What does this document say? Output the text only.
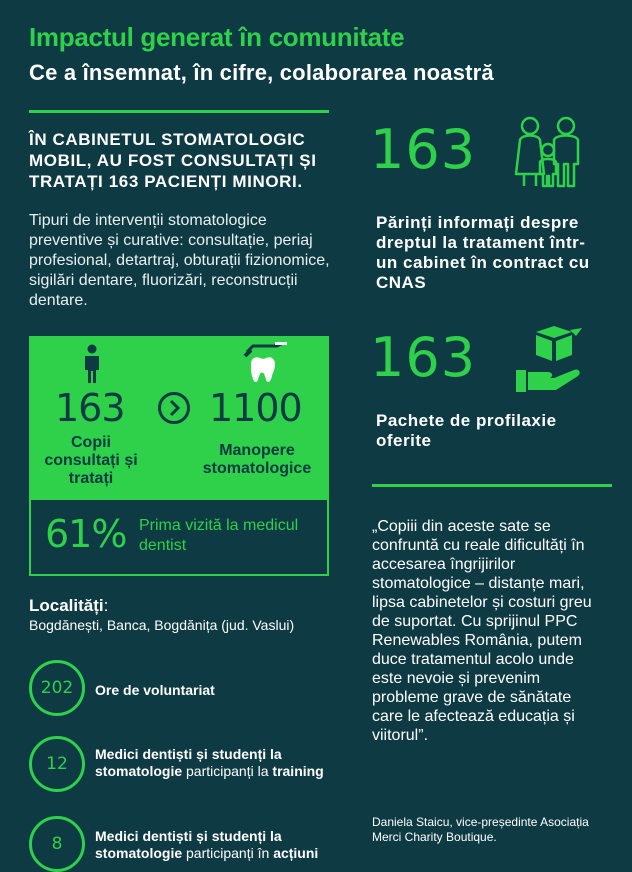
Impactul generat în comunitate
Ce a însemnat, în cifre, colaborarea noastră
ÎN CABINETUL STOMATOLOGIC MOBIL, AU FOST CONSULTAȚI ȘI TRATAȚI 163 PACIENȚI MINORI.
Tipuri de intervenții stomatologice preventive și curative: consultație, periaj profesional, detartraj, obturații fizionomice, sigilări dentare, fluorizări, reconstrucții dentare.
163 1100
Copii consultați și tratați
Manopere stomatologice
61% Prima vizită la medicul dentist
Localități:
Bogdănești, Banca, Bogdănița (jud. Vaslui)
202 Ore de voluntariat
12 Medici dentiști și studenți la
stomatologie participanți la training
8 Medici dentiști și studenți la
stomatologie participanți în acțiuni
163
Părinți informați despre dreptul la tratament într-un cabinet în contract cu CNAS
163
Pachete de profilaxie oferite
„Copiii din aceste sate se confruntă cu reale dificultăți în accesarea îngrijirilor stomatologice – distanțe mari, lipsa cabinetelor și costuri greu de suportat. Cu sprijinul PPC Renewables România, putem duce tratamentul acolo unde este nevoie și prevenim probleme grave de sănătate care le afectează educația și viitorul”.
Daniela Staicu, vice-președinte Asociația Merci Charity Boutique.
